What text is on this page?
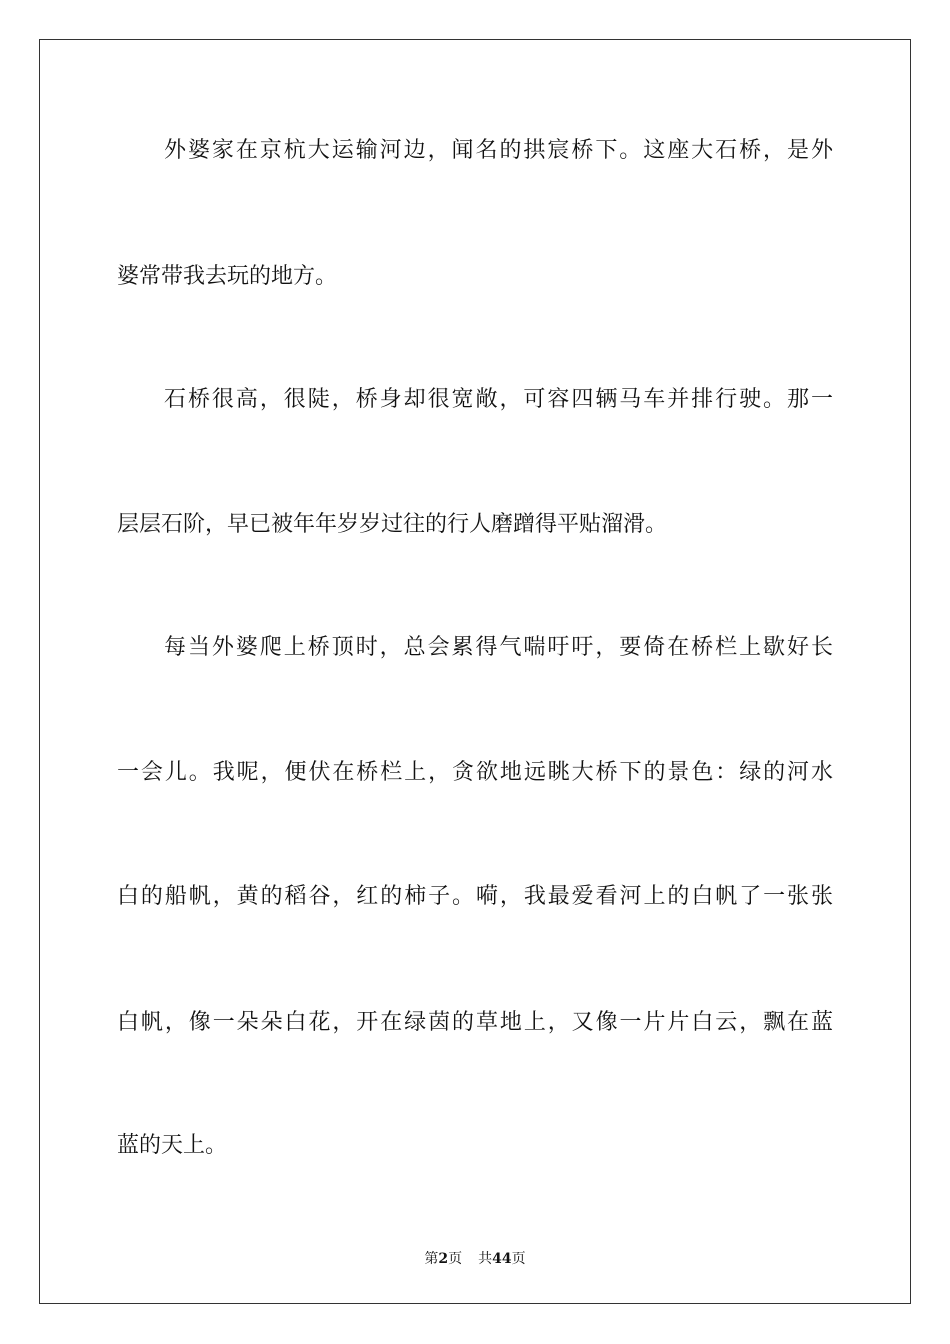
外婆家在京杭大运输河边，闻名的拱宸桥下。这座大石桥，是外
婆常带我去玩的地方。
石桥很高，很陡，桥身却很宽敞，可容四辆马车并排行驶。那一
层层石阶，早已被年年岁岁过往的行人磨蹭得平贴溜滑。
每当外婆爬上桥顶时，总会累得气喘吁吁，要倚在桥栏上歇好长
一会儿。我呢，便伏在桥栏上，贪欲地远眺大桥下的景色：绿的河水
白的船帆，黄的稻谷，红的柿子。嗬，我最爱看河上的白帆了一张张
白帆，像一朵朵白花，开在绿茵的草地上，又像一片片白云，飘在蓝
蓝的天上。
第2页 共44页
